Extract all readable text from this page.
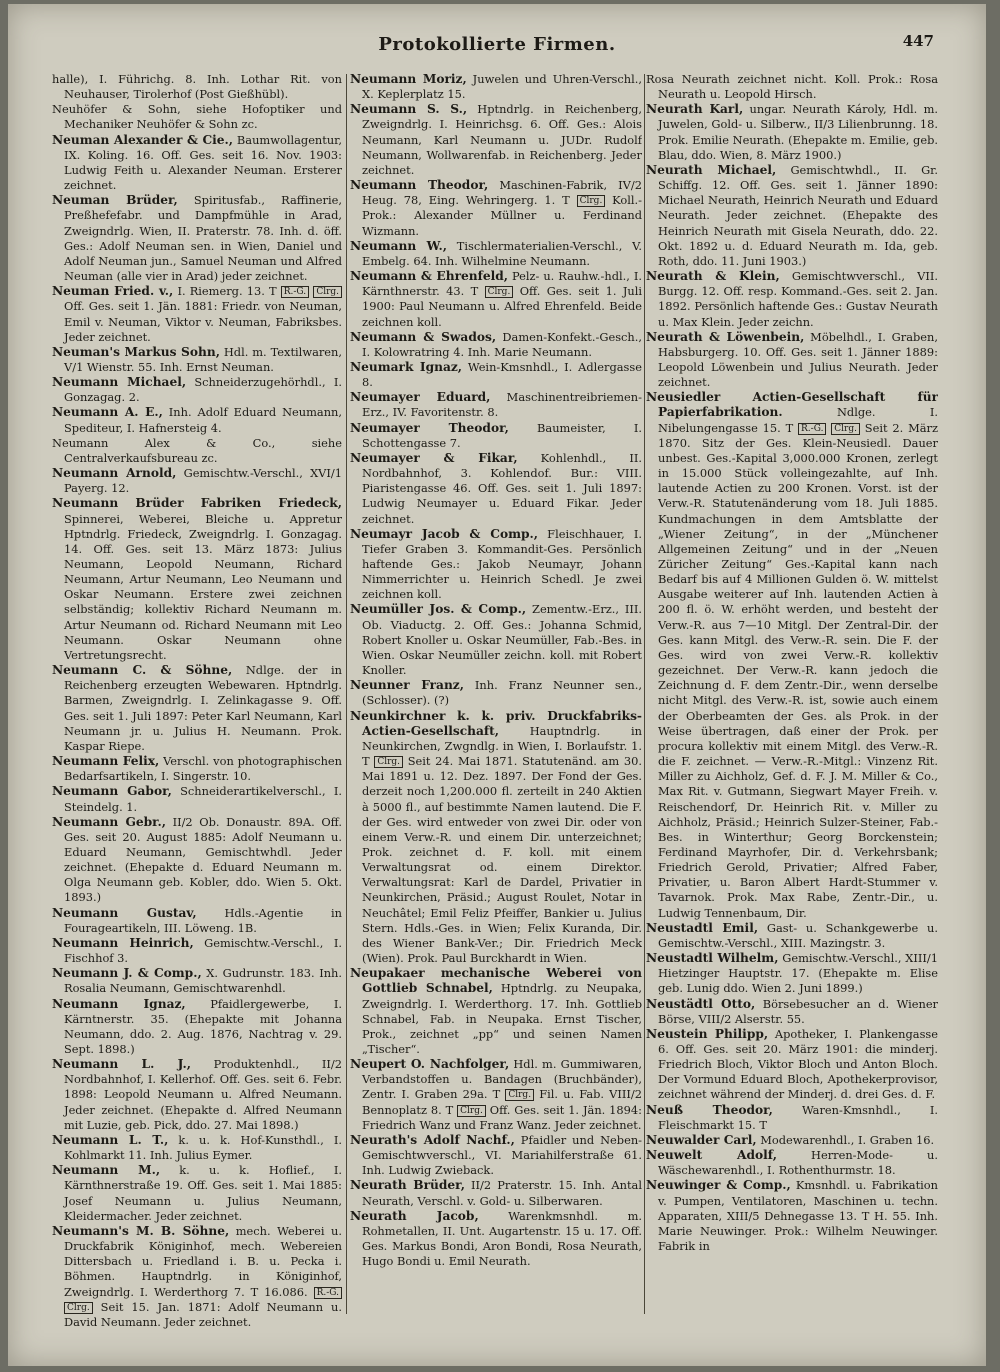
Protokollierte Firmen.	447

halle), I. Führichg. 8. Inh. Lothar Rit. von Neuhauser, Tirolerhof (Post Gießhübl).

Neuhöfer & Sohn, siehe Hofoptiker und Mechaniker Neuhöfer & Sohn zc.

Neuman Alexander & Cie., Baumwollagentur, IX. Koling. 16. Off. Ges. seit 16. Nov. 1903: Ludwig Feith u. Alexander Neuman. Ersterer zeichnet.

Neuman Brüder, Spiritusfab., Raffinerie, Preßhefefabr. und Dampfmühle in Arad, Zweigndrlg. Wien, II. Praterstr. 78. Inh. d. öff. Ges.: Adolf Neuman sen. in Wien, Daniel und Adolf Neuman jun., Samuel Neuman und Alfred Neuman (alle vier in Arad) jeder zeichnet.

Neuman Fried. v., I. Riemerg. 13. T R.-G. Clrg. Off. Ges. seit 1. Jän. 1881: Friedr. von Neuman, Emil v. Neuman, Viktor v. Neuman, Fabriksbes. Jeder zeichnet.

Neuman's Markus Sohn, Hdl. m. Textilwaren, V/1 Wienstr. 55. Inh. Ernst Neuman.

Neumann Michael, Schneiderzugehörhdl., I. Gonzagag. 2.

Neumann A. E., Inh. Adolf Eduard Neumann, Spediteur, I. Hafnersteig 4.

Neumann Alex & Co., siehe Centralverkaufsbureau zc.

Neumann Arnold, Gemischtw.-Verschl., XVI/1 Payerg. 12.

Neumann Brüder Fabriken Friedeck, Spinnerei, Weberei, Bleiche u. Appretur Hptndrlg. Friedeck, Zweigndrlg. I. Gonzagag. 14. Off. Ges. seit 13. März 1873: Julius Neumann, Leopold Neumann, Richard Neumann, Artur Neumann, Leo Neumann und Oskar Neumann. Erstere zwei zeichnen selbständig; kollektiv Richard Neumann m. Artur Neumann od. Richard Neumann mit Leo Neumann. Oskar Neumann ohne Vertretungsrecht.

Neumann C. & Söhne, Ndlge. der in Reichenberg erzeugten Webewaren. Hptndrlg. Barmen, Zweigndrlg. I. Zelinkagasse 9. Off. Ges. seit 1. Juli 1897: Peter Karl Neumann, Karl Neumann jr. u. Julius H. Neumann. Prok. Kaspar Riepe.

Neumann Felix, Verschl. von photographischen Bedarfsartikeln, I. Singerstr. 10.

Neumann Gabor, Schneiderartikelverschl., I. Steindelg. 1.

Neumann Gebr., II/2 Ob. Donaustr. 89A. Off. Ges. seit 20. August 1885: Adolf Neumann u. Eduard Neumann, Gemischtwhdl. Jeder zeichnet. (Ehepakte d. Eduard Neumann m. Olga Neumann geb. Kobler, ddo. Wien 5. Okt. 1893.)

Neumann Gustav, Hdls.-Agentie in Fourageartikeln, III. Löweng. 1B.

Neumann Heinrich, Gemischtw.-Verschl., I. Fischhof 3.

Neumann J. & Comp., X. Gudrunstr. 183. Inh. Rosalia Neumann, Gemischtwarenhdl.

Neumann Ignaz, Pfaidlergewerbe, I. Kärntnerstr. 35. (Ehepakte mit Johanna Neumann, ddo. 2. Aug. 1876, Nachtrag v. 29. Sept. 1898.)

Neumann L. J., Produktenhdl., II/2 Nordbahnhof, I. Kellerhof. Off. Ges. seit 6. Febr. 1898: Leopold Neumann u. Alfred Neumann. Jeder zeichnet. (Ehepakte d. Alfred Neumann mit Luzie, geb. Pick, ddo. 27. Mai 1898.)

Neumann L. T., k. u. k. Hof-Kunsthdl., I. Kohlmarkt 11. Inh. Julius Eymer.

Neumann M., k. u. k. Hoflief., I. Kärnthnerstraße 19. Off. Ges. seit 1. Mai 1885: Josef Neumann u. Julius Neumann, Kleidermacher. Jeder zeichnet.

Neumann's M. B. Söhne, mech. Weberei u. Druckfabrik Königinhof, mech. Webereien Dittersbach u. Friedland i. B. u. Pecka i. Böhmen. Hauptndrlg. in Königinhof, Zweigndrlg. I. Werderthorg 7. T 16.086. R.-G. Clrg. Seit 15. Jan. 1871: Adolf Neumann u. David Neumann. Jeder zeichnet.

Neumann Moriz, Juwelen und Uhren-Verschl., X. Keplerplatz 15.

Neumann S. S., Hptndrlg. in Reichenberg, Zweigndrlg. I. Heinrichsg. 6. Off. Ges.: Alois Neumann, Karl Neumann u. JUDr. Rudolf Neumann, Wollwarenfab. in Reichenberg. Jeder zeichnet.

Neumann Theodor, Maschinen-Fabrik, IV/2 Heug. 78, Eing. Wehringerg. 1. T Clrg. Koll.-Prok.: Alexander Müllner u. Ferdinand Wizmann.

Neumann W., Tischlermaterialien-Verschl., V. Embelg. 64. Inh. Wilhelmine Neumann.

Neumann & Ehrenfeld, Pelz- u. Rauhw.-hdl., I. Kärnthnerstr. 43. T Clrg. Off. Ges. seit 1. Juli 1900: Paul Neumann u. Alfred Ehrenfeld. Beide zeichnen koll.

Neumann & Swados, Damen-Konfekt.-Gesch., I. Kolowratring 4. Inh. Marie Neumann.

Neumark Ignaz, Wein-Kmsnhdl., I. Adlergasse 8.

Neumayer Eduard, Maschinentreibriemen-Erz., IV. Favoritenstr. 8.

Neumayer Theodor, Baumeister, I. Schottengasse 7.

Neumayer & Fikar, Kohlenhdl., II. Nordbahnhof, 3. Kohlendof. Bur.: VIII. Piaristengasse 46. Off. Ges. seit 1. Juli 1897: Ludwig Neumayer u. Eduard Fikar. Jeder zeichnet.

Neumayr Jacob & Comp., Fleischhauer, I. Tiefer Graben 3. Kommandit-Ges. Persönlich haftende Ges.: Jakob Neumayr, Johann Nimmerrichter u. Heinrich Schedl. Je zwei zeichnen koll.

Neumüller Jos. & Comp., Zementw.-Erz., III. Ob. Viaductg. 2. Off. Ges.: Johanna Schmid, Robert Knoller u. Oskar Neumüller, Fab.-Bes. in Wien. Oskar Neumüller zeichn. koll. mit Robert Knoller.

Neunner Franz, Inh. Franz Neunner sen., (Schlosser). (?)

Neunkirchner k. k. priv. Druckfabriks-Actien-Gesellschaft, Hauptndrlg. in Neunkirchen, Zwgndlg. in Wien, I. Borlaufstr. 1. T Clrg. Seit 24. Mai 1871. Statutenänd. am 30. Mai 1891 u. 12. Dez. 1897. Der Fond der Ges. derzeit noch 1,200.000 fl. zerteilt in 240 Aktien à 5000 fl., auf bestimmte Namen lautend. Die F. der Ges. wird entweder von zwei Dir. oder von einem Verw.-R. und einem Dir. unterzeichnet; Prok. zeichnet d. F. koll. mit einem Verwaltungsrat od. einem Direktor. Verwaltungsrat: Karl de Dardel, Privatier in Neunkirchen, Präsid.; August Roulet, Notar in Neuchâtel; Emil Feliz Pfeiffer, Bankier u. Julius Stern. Hdls.-Ges. in Wien; Felix Kuranda, Dir. des Wiener Bank-Ver.; Dir. Friedrich Meck (Wien). Prok. Paul Burckhardt in Wien.

Neupakaer mechanische Weberei von Gottlieb Schnabel, Hptndrlg. zu Neupaka, Zweigndrlg. I. Werderthorg. 17. Inh. Gottlieb Schnabel, Fab. in Neupaka. Ernst Tischer, Prok., zeichnet „pp“ und seinen Namen „Tischer“.

Neupert O. Nachfolger, Hdl. m. Gummiwaren, Verbandstoffen u. Bandagen (Bruchbänder), Zentr. I. Graben 29a. T Clrg. Fil. u. Fab. VIII/2 Bennoplatz 8. T Clrg. Off. Ges. seit 1. Jän. 1894: Friedrich Wanz und Franz Wanz. Jeder zeichnet.

Neurath's Adolf Nachf., Pfaidler und Neben-Gemischtwverschl., VI. Mariahilferstraße 61. Inh. Ludwig Zwieback.

Neurath Brüder, II/2 Praterstr. 15. Inh. Antal Neurath, Verschl. v. Gold- u. Silberwaren.

Neurath Jacob, Warenkmsnhdl. m. Rohmetallen, II. Unt. Augartenstr. 15 u. 17. Off. Ges. Markus Bondi, Aron Bondi, Rosa Neurath, Hugo Bondi u. Emil Neurath.

Rosa Neurath zeichnet nicht. Koll. Prok.: Rosa Neurath u. Leopold Hirsch.

Neurath Karl, ungar. Neurath Károly, Hdl. m. Juwelen, Gold- u. Silberw., II/3 Lilienbrunng. 18. Prok. Emilie Neurath. (Ehepakte m. Emilie, geb. Blau, ddo. Wien, 8. März 1900.)

Neurath Michael, Gemischtwhdl., II. Gr. Schiffg. 12. Off. Ges. seit 1. Jänner 1890: Michael Neurath, Heinrich Neurath und Eduard Neurath. Jeder zeichnet. (Ehepakte des Heinrich Neurath mit Gisela Neurath, ddo. 22. Okt. 1892 u. d. Eduard Neurath m. Ida, geb. Roth, ddo. 11. Juni 1903.)

Neurath & Klein, Gemischtwverschl., VII. Burgg. 12. Off. resp. Kommand.-Ges. seit 2. Jan. 1892. Persönlich haftende Ges.: Gustav Neurath u. Max Klein. Jeder zeichn.

Neurath & Löwenbein, Möbelhdl., I. Graben, Habsburgerg. 10. Off. Ges. seit 1. Jänner 1889: Leopold Löwenbein und Julius Neurath. Jeder zeichnet.

Neusiedler Actien-Gesellschaft für Papierfabrikation. Ndlge. I. Nibelungengasse 15. T R.-G. Clrg. Seit 2. März 1870. Sitz der Ges. Klein-Neusiedl. Dauer unbest. Ges.-Kapital 3,000.000 Kronen, zerlegt in 15.000 Stück volleingezahlte, auf Inh. lautende Actien zu 200 Kronen. Vorst. ist der Verw.-R. Statutenänderung vom 18. Juli 1885. Kundmachungen in dem Amtsblatte der „Wiener Zeitung“, in der „Münchener Allgemeinen Zeitung“ und in der „Neuen Züricher Zeitung“ Ges.-Kapital kann nach Bedarf bis auf 4 Millionen Gulden ö. W. mittelst Ausgabe weiterer auf Inh. lautenden Actien à 200 fl. ö. W. erhöht werden, und besteht der Verw.-R. aus 7—10 Mitgl. Der Zentral-Dir. der Ges. kann Mitgl. des Verw.-R. sein. Die F. der Ges. wird von zwei Verw.-R. kollektiv gezeichnet. Der Verw.-R. kann jedoch die Zeichnung d. F. dem Zentr.-Dir., wenn derselbe nicht Mitgl. des Verw.-R. ist, sowie auch einem der Oberbeamten der Ges. als Prok. in der Weise übertragen, daß einer der Prok. per procura kollektiv mit einem Mitgl. des Verw.-R. die F. zeichnet. — Verw.-R.-Mitgl.: Vinzenz Rit. Miller zu Aichholz, Gef. d. F. J. M. Miller & Co., Max Rit. v. Gutmann, Siegwart Mayer Freih. v. Reischendorf, Dr. Heinrich Rit. v. Miller zu Aichholz, Präsid.; Heinrich Sulzer-Steiner, Fab.-Bes. in Winterthur; Georg Borckenstein; Ferdinand Mayrhofer, Dir. d. Verkehrsbank; Friedrich Gerold, Privatier; Alfred Faber, Privatier, u. Baron Albert Hardt-Stummer v. Tavarnok. Prok. Max Rabe, Zentr.-Dir., u. Ludwig Tennenbaum, Dir.

Neustadtl Emil, Gast- u. Schankgewerbe u. Gemischtw.-Verschl., XIII. Mazingstr. 3.

Neustadtl Wilhelm, Gemischtw.-Verschl., XIII/1 Hietzinger Hauptstr. 17. (Ehepakte m. Elise geb. Lunig ddo. Wien 2. Juni 1899.)

Neustädtl Otto, Börsebesucher an d. Wiener Börse, VIII/2 Alserstr. 55.

Neustein Philipp, Apotheker, I. Plankengasse 6. Off. Ges. seit 20. März 1901: die minderj. Friedrich Bloch, Viktor Bloch und Anton Bloch. Der Vormund Eduard Bloch, Apothekerprovisor, zeichnet während der Minderj. d. drei Ges. d. F.

Neuß Theodor, Waren-Kmsnhdl., I. Fleischmarkt 15. T

Neuwalder Carl, Modewarenhdl., I. Graben 16.

Neuwelt Adolf, Herren-Mode- u. Wäschewarenhdl., I. Rothenthurmstr. 18.

Neuwinger & Comp., Kmsnhdl. u. Fabrikation v. Pumpen, Ventilatoren, Maschinen u. techn. Apparaten, XIII/5 Dehnegasse 13. T H. 55. Inh. Marie Neuwinger. Prok.: Wilhelm Neuwinger. Fabrik in
